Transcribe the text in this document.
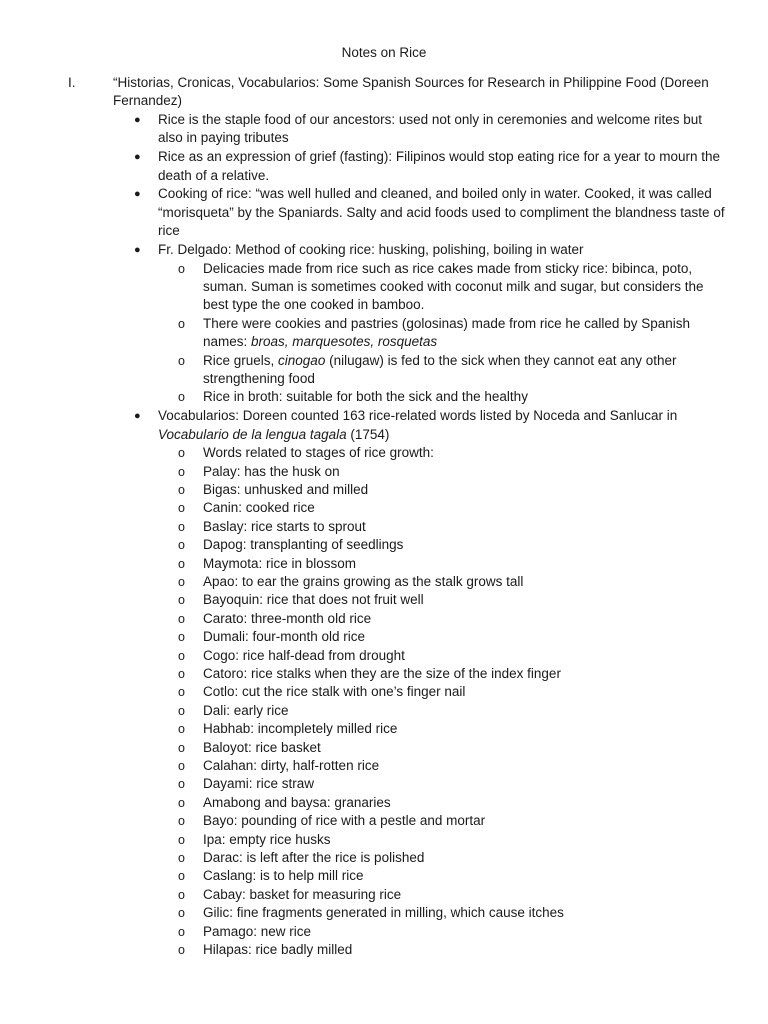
Notes on Rice
I.	“Historias, Cronicas, Vocabularios: Some Spanish Sources for Research in Philippine Food (Doreen Fernandez)

● Rice is the staple food of our ancestors: used not only in ceremonies and welcome rites but also in paying tributes
● Rice as an expression of grief (fasting): Filipinos would stop eating rice for a year to mourn the death of a relative.
● Cooking of rice: “was well hulled and cleaned, and boiled only in water. Cooked, it was called “morisqueta” by the Spaniards. Salty and acid foods used to compliment the blandness taste of rice
● Fr. Delgado: Method of cooking rice: husking, polishing, boiling in water
o Delicacies made from rice such as rice cakes made from sticky rice: bibinca, poto, suman. Suman is sometimes cooked with coconut milk and sugar, but considers the best type the one cooked in bamboo.
o There were cookies and pastries (golosinas) made from rice he called by Spanish names: broas, marquesotes, rosquetas
o Rice gruels, cinogao (nilugaw) is fed to the sick when they cannot eat any other strengthening food
o Rice in broth: suitable for both the sick and the healthy
● Vocabularios: Doreen counted 163 rice-related words listed by Noceda and Sanlucar in Vocabulario de la lengua tagala (1754)
o Words related to stages of rice growth:
o Palay: has the husk on
o Bigas: unhusked and milled
o Canin: cooked rice
o Baslay: rice starts to sprout
o Dapog: transplanting of seedlings
o Maymota: rice in blossom
o Apao: to ear the grains growing as the stalk grows tall
o Bayoquin: rice that does not fruit well
o Carato: three-month old rice
o Dumali: four-month old rice
o Cogo: rice half-dead from drought
o Catoro: rice stalks when they are the size of the index finger
o Cotlo: cut the rice stalk with one’s finger nail
o Dali: early rice
o Habhab: incompletely milled rice
o Baloyot: rice basket
o Calahan: dirty, half-rotten rice
o Dayami: rice straw
o Amabong and baysa: granaries
o Bayo: pounding of rice with a pestle and mortar
o Ipa: empty rice husks
o Darac: is left after the rice is polished
o Caslang: is to help mill rice
o Cabay: basket for measuring rice
o Gilic: fine fragments generated in milling, which cause itches
o Pamago: new rice
o Hilapas: rice badly milled
